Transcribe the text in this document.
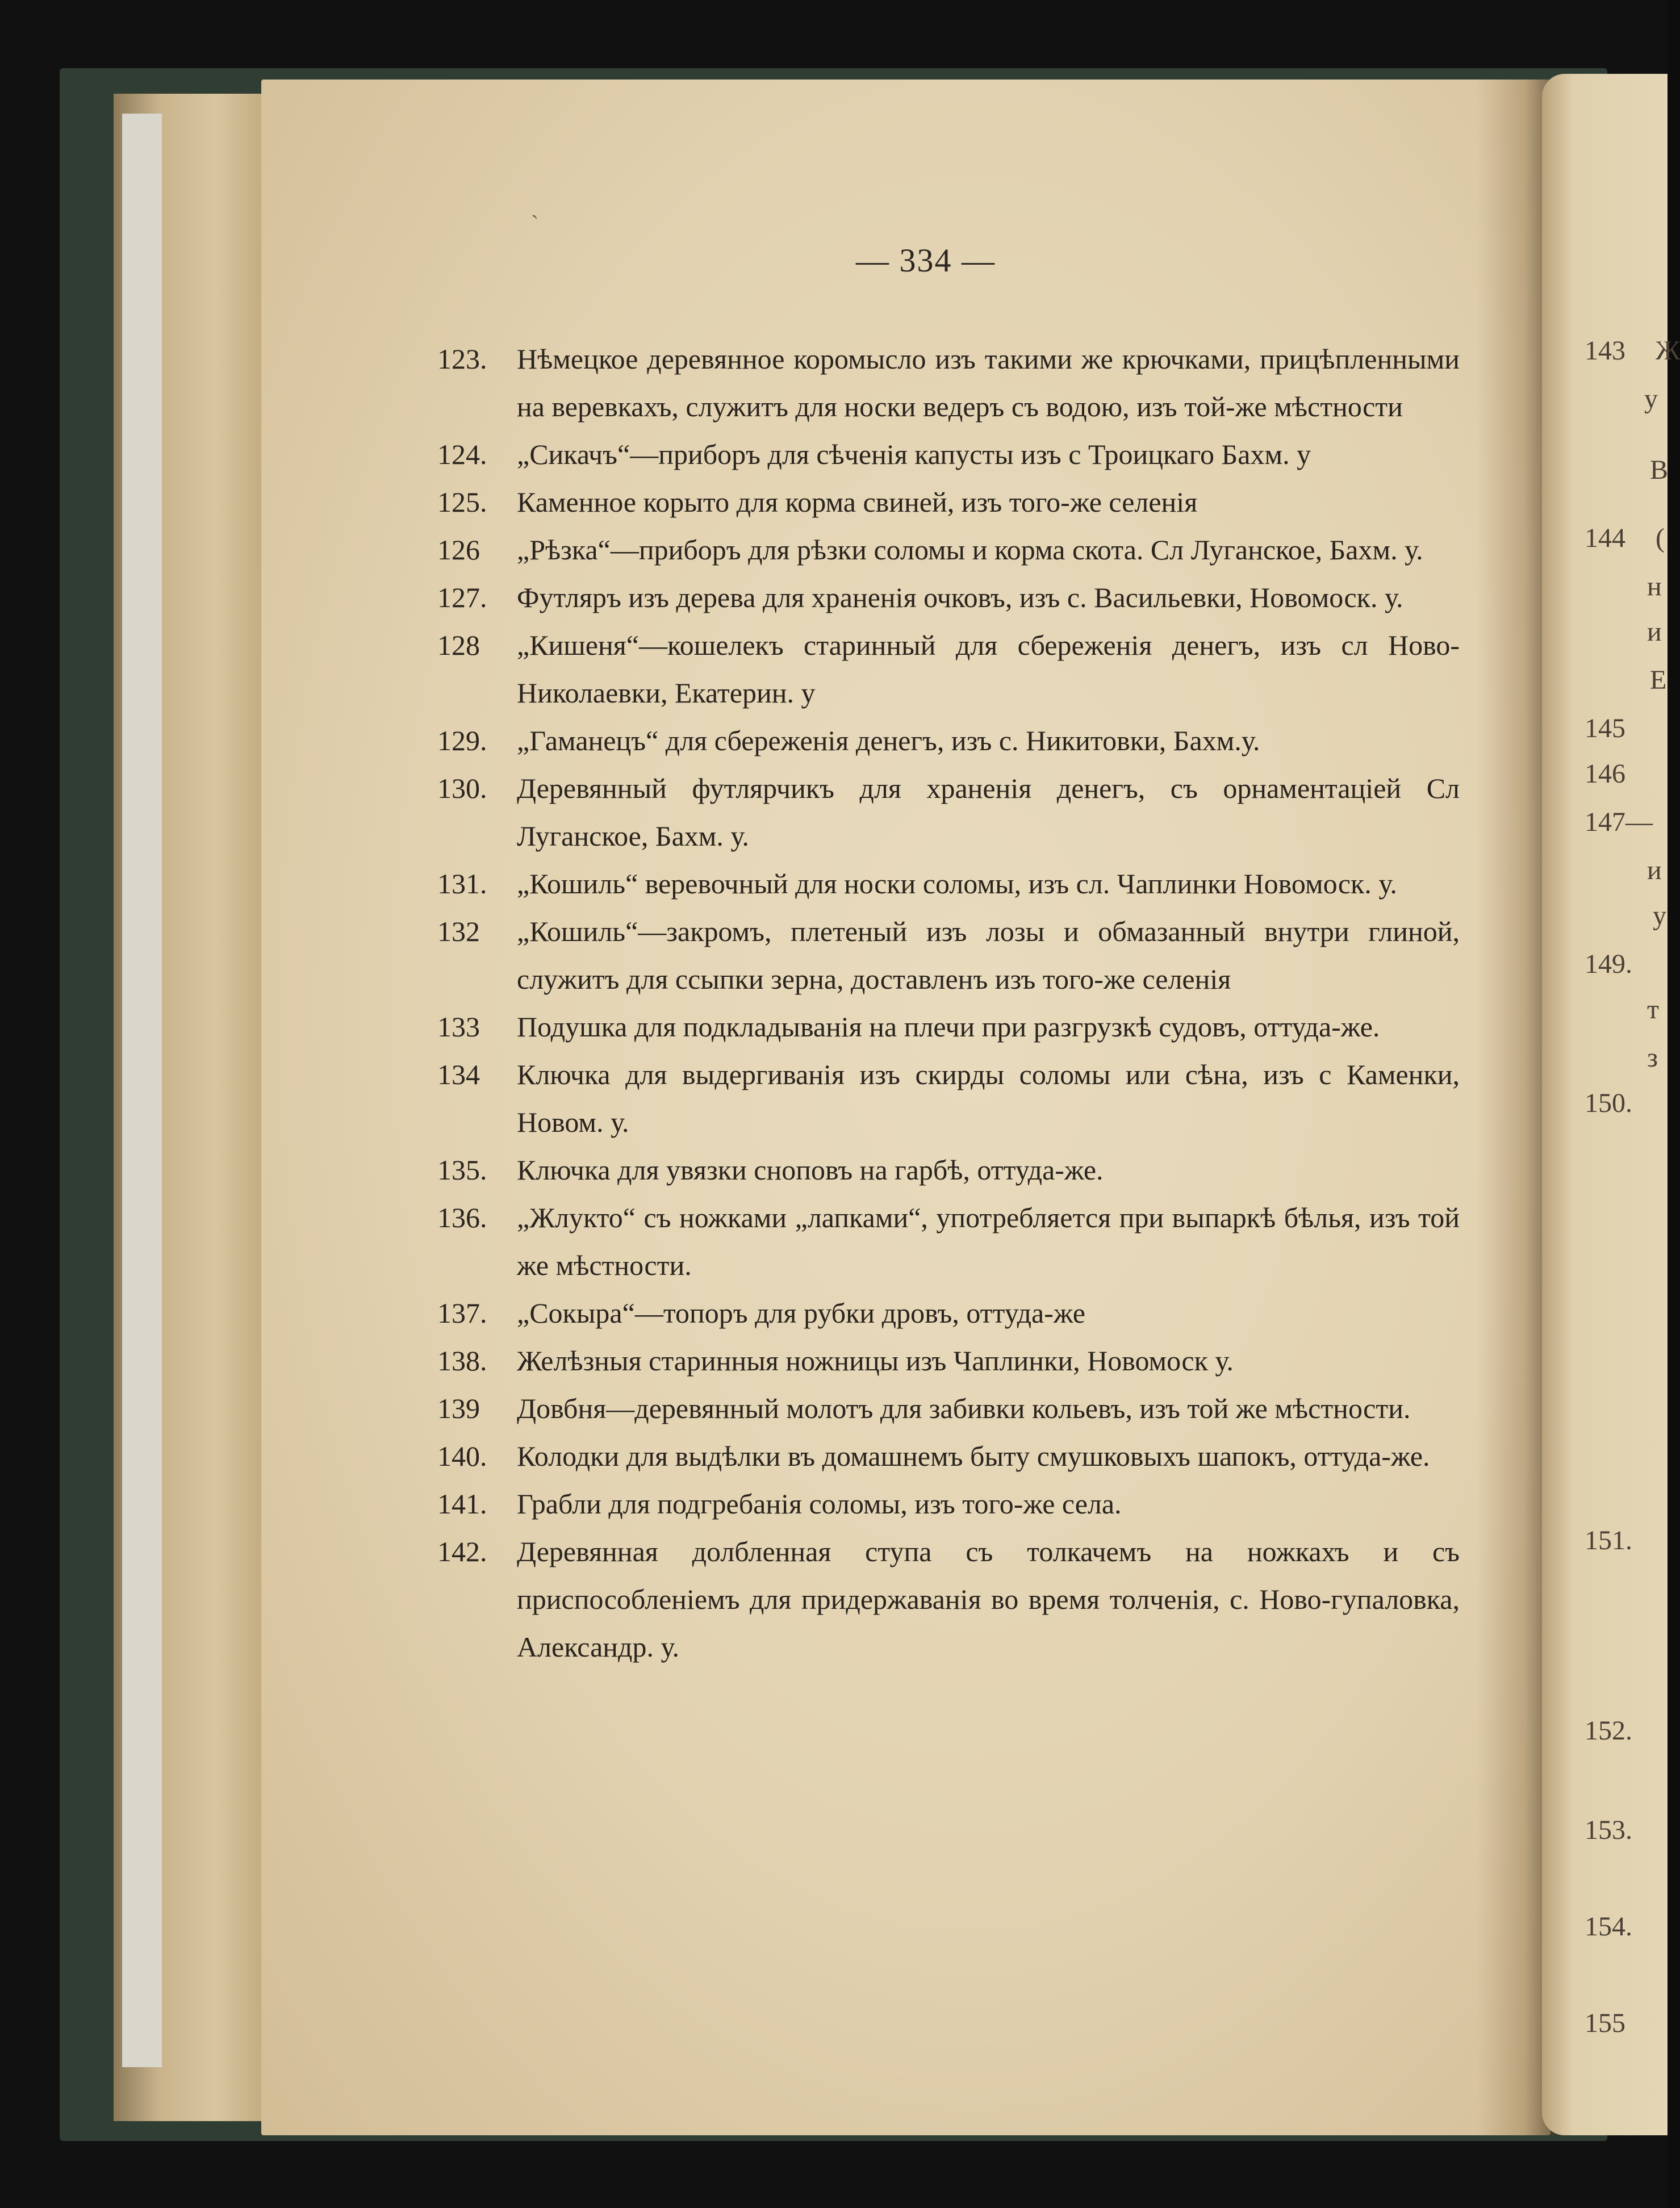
— 334 —
123.	Нѣмецкое деревянное коромысло изъ такими же крючками, прицѣпленными на веревкахъ, служитъ для носки ведеръ съ водою, изъ той-же мѣстности
124.	„Сикачъ“—приборъ для сѣченія капусты изъ с Троицкаго Бахм. у
125.	Каменное корыто для корма свиней, изъ того-же селенія
126	„Рѣзка“—приборъ для рѣзки соломы и корма скота. Сл Луганское, Бахм. у.
127.	Футляръ изъ дерева для храненія очковъ, изъ с. Васильевки, Новомоск. у.
128	„Кишеня“—кошелекъ старинный для сбереженія денегъ, изъ сл Ново-Николаевки, Екатерин. у
129.	„Гаманецъ“ для сбереженія денегъ, изъ с. Никитовки, Бахм.у.
130.	Деревянный футлярчикъ для храненія денегъ, съ орнаментаціей Сл Луганское, Бахм. у.
131.	„Кошиль“ веревочный для носки соломы, изъ сл. Чаплинки Новомоск. у.
132	„Кошиль“—закромъ, плетеный изъ лозы и обмазанный внутри глиной, служитъ для ссыпки зерна, доставленъ изъ того-же селенія
133	Подушка для подкладыванія на плечи при разгрузкѣ судовъ, оттуда-же.
134	Ключка для выдергиванія изъ скирды соломы или сѣна, изъ с Каменки, Новом. у.
135.	Ключка для увязки сноповъ на гарбѣ, оттуда-же.
136.	„Жлукто“ съ ножками „лапками“, употребляется при выпаркѣ бѣлья, изъ той же мѣстности.
137.	„Сокыра“—топоръ для рубки дровъ, оттуда-же
138.	Желѣзныя старинныя ножницы изъ Чаплинки, Новомоск у.
139	Довбня—деревянный молотъ для забивки кольевъ, изъ той же мѣстности.
140.	Колодки для выдѣлки въ домашнемъ быту смушковыхъ шапокъ, оттуда-же.
141.	Грабли для подгребанія соломы, изъ того-же села.
142.	Деревянная долбленная ступа съ толкачемъ на ножкахъ и съ приспособленіемъ для придержаванія во время толченія, с. Ново-гупаловка, Александр. у.
143
144
145
146
147—
149.
150.
151.
152.
153.
154.
155
Ж
у
В
(
н
и
Е
и
у
т
з
ˋ
